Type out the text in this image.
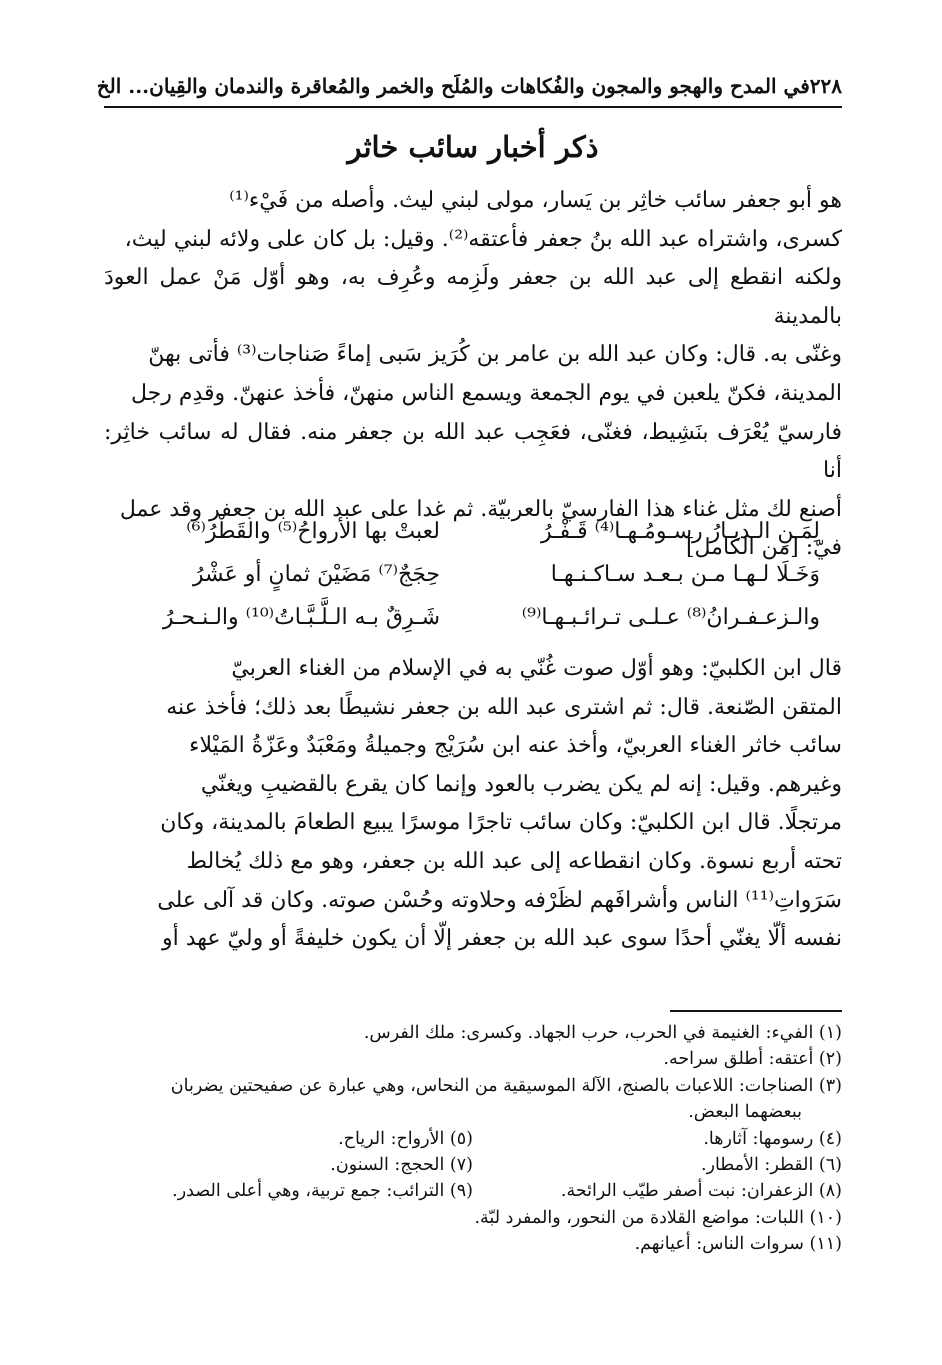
٢٢٨
في المدح والهجو والمجون والفُكاهات والمُلَح والخمر والمُعاقرة والندمان والقِيان... الخ
ذكر أخبار سائب خاثر

هو أبو جعفر سائب خاثِر بن يَسار، مولى لبني ليث. وأصله من فَيْء⁽¹⁾

كسرى، واشتراه عبد الله بنُ جعفر فأعتقه⁽²⁾. وقيل: بل كان على ولائه لبني ليث،

ولكنه انقطع إلى عبد الله بن جعفر ولَزِمه وعُرِف به، وهو أوّل مَنْ عمل العودَ بالمدينة

وغنّى به. قال: وكان عبد الله بن عامر بن كُرَيز سَبى إماءً صَناجات⁽³⁾ فأتى بهنّ

المدينة، فكنّ يلعبن في يوم الجمعة ويسمع الناس منهنّ، فأخذ عنهنّ. وقدِم رجل

فارسيّ يُعْرَف بنَشِيط، فغنّى، فعَجِب عبد الله بن جعفر منه. فقال له سائب خاثِر: أنا

أصنع لك مثل غناء هذا الفارسيّ بالعربيّة. ثم غدا على عبد الله بن جعفر وقد عمل

فيّ: [من الكامل]

لِمَـنِ الـديـارُ رسـومُـهـا⁽⁴⁾ قَـفْـرُ
لعبتْ بها الأرواحُ⁽⁵⁾ والقَطْرُ⁽⁶⁾
وَخَـلَا لـهـا مـن بـعـد سـاكـنـهـا
حِجَجٌ⁽⁷⁾ مَضَيْنَ ثمانٍ أو عَشْرُ
والـزعـفـرانُ⁽⁸⁾ عـلـى تـرائـبـهـا⁽⁹⁾
شَـرِقٌ بـه الـلَّـبَّـاتُ⁽¹⁰⁾ والـنـحـرُ

قال ابن الكلبيّ: وهو أوّل صوت غُنّي به في الإسلام من الغناء العربيّ

المتقن الصّنعة. قال: ثم اشترى عبد الله بن جعفر نشيطًا بعد ذلك؛ فأخذ عنه

سائب خاثر الغناء العربيّ، وأخذ عنه ابن سُرَيْج وجميلةُ ومَعْبَدٌ وعَزّةُ المَيْلاء

وغيرهم. وقيل: إنه لم يكن يضرب بالعود وإنما كان يقرع بالقضيبِ ويغنّي

مرتجلًا. قال ابن الكلبيّ: وكان سائب تاجرًا موسرًا يبيع الطعامَ بالمدينة، وكان

تحته أربع نسوة. وكان انقطاعه إلى عبد الله بن جعفر، وهو مع ذلك يُخالط

سَرَواتِ⁽¹¹⁾ الناس وأشرافَهم لظَرْفه وحلاوته وحُسْن صوته. وكان قد آلى على

نفسه ألّا يغنّي أحدًا سوى عبد الله بن جعفر إلّا أن يكون خليفةً أو وليّ عهد أو

(١) الفيء: الغنيمة في الحرب، حرب الجهاد. وكسرى: ملك الفرس.

(٢) أعتقه: أطلق سراحه.

(٣) الصناجات: اللاعبات بالصنج، الآلة الموسيقية من النحاس، وهي عبارة عن صفيحتين يضربان

ببعضهما البعض.

(٤) رسومها: آثارها.
(٥) الأرواح: الرياح.
(٦) القطر: الأمطار.
(٧) الحجج: السنون.
(٨) الزعفران: نبت أصفر طيّب الرائحة.
(٩) الترائب: جمع تربية، وهي أعلى الصدر.

(١٠) اللبات: مواضع القلادة من النحور، والمفرد لبّة.

(١١) سروات الناس: أعيانهم.
